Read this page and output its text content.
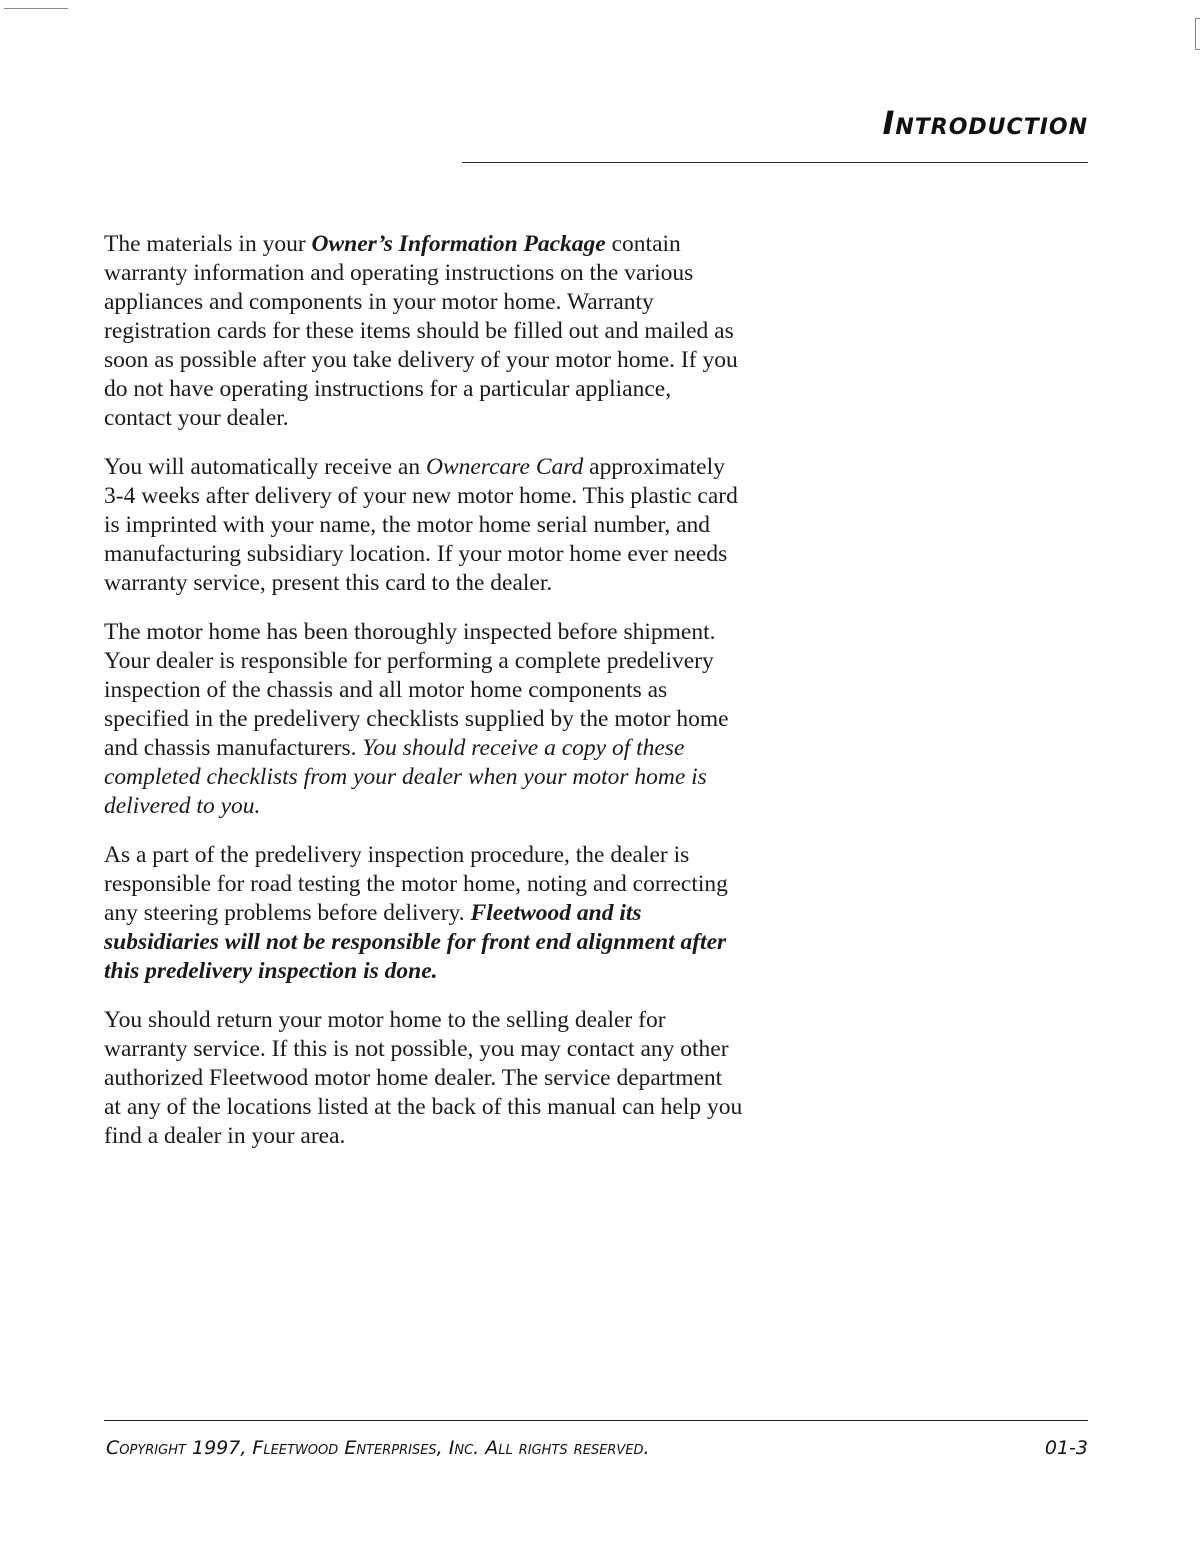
Introduction

The materials in your Owner’s Information Package contain warranty information and operating instructions on the various appliances and components in your motor home. Warranty registration cards for these items should be filled out and mailed as soon as possible after you take delivery of your motor home. If you do not have operating instructions for a particular appliance, contact your dealer.

You will automatically receive an Ownercare Card approximately 3-4 weeks after delivery of your new motor home. This plastic card is imprinted with your name, the motor home serial number, and manufacturing subsidiary location. If your motor home ever needs warranty service, present this card to the dealer.

The motor home has been thoroughly inspected before shipment. Your dealer is responsible for performing a complete predelivery inspection of the chassis and all motor home components as specified in the predelivery checklists supplied by the motor home and chassis manufacturers. You should receive a copy of these completed checklists from your dealer when your motor home is delivered to you.

As a part of the predelivery inspection procedure, the dealer is responsible for road testing the motor home, noting and correcting any steering problems before delivery. Fleetwood and its subsidiaries will not be responsible for front end alignment after this predelivery inspection is done.

You should return your motor home to the selling dealer for warranty service. If this is not possible, you may contact any other authorized Fleetwood motor home dealer. The service department at any of the locations listed at the back of this manual can help you find a dealer in your area.

Copyright 1997, Fleetwood Enterprises, Inc. All rights reserved.	01-3
